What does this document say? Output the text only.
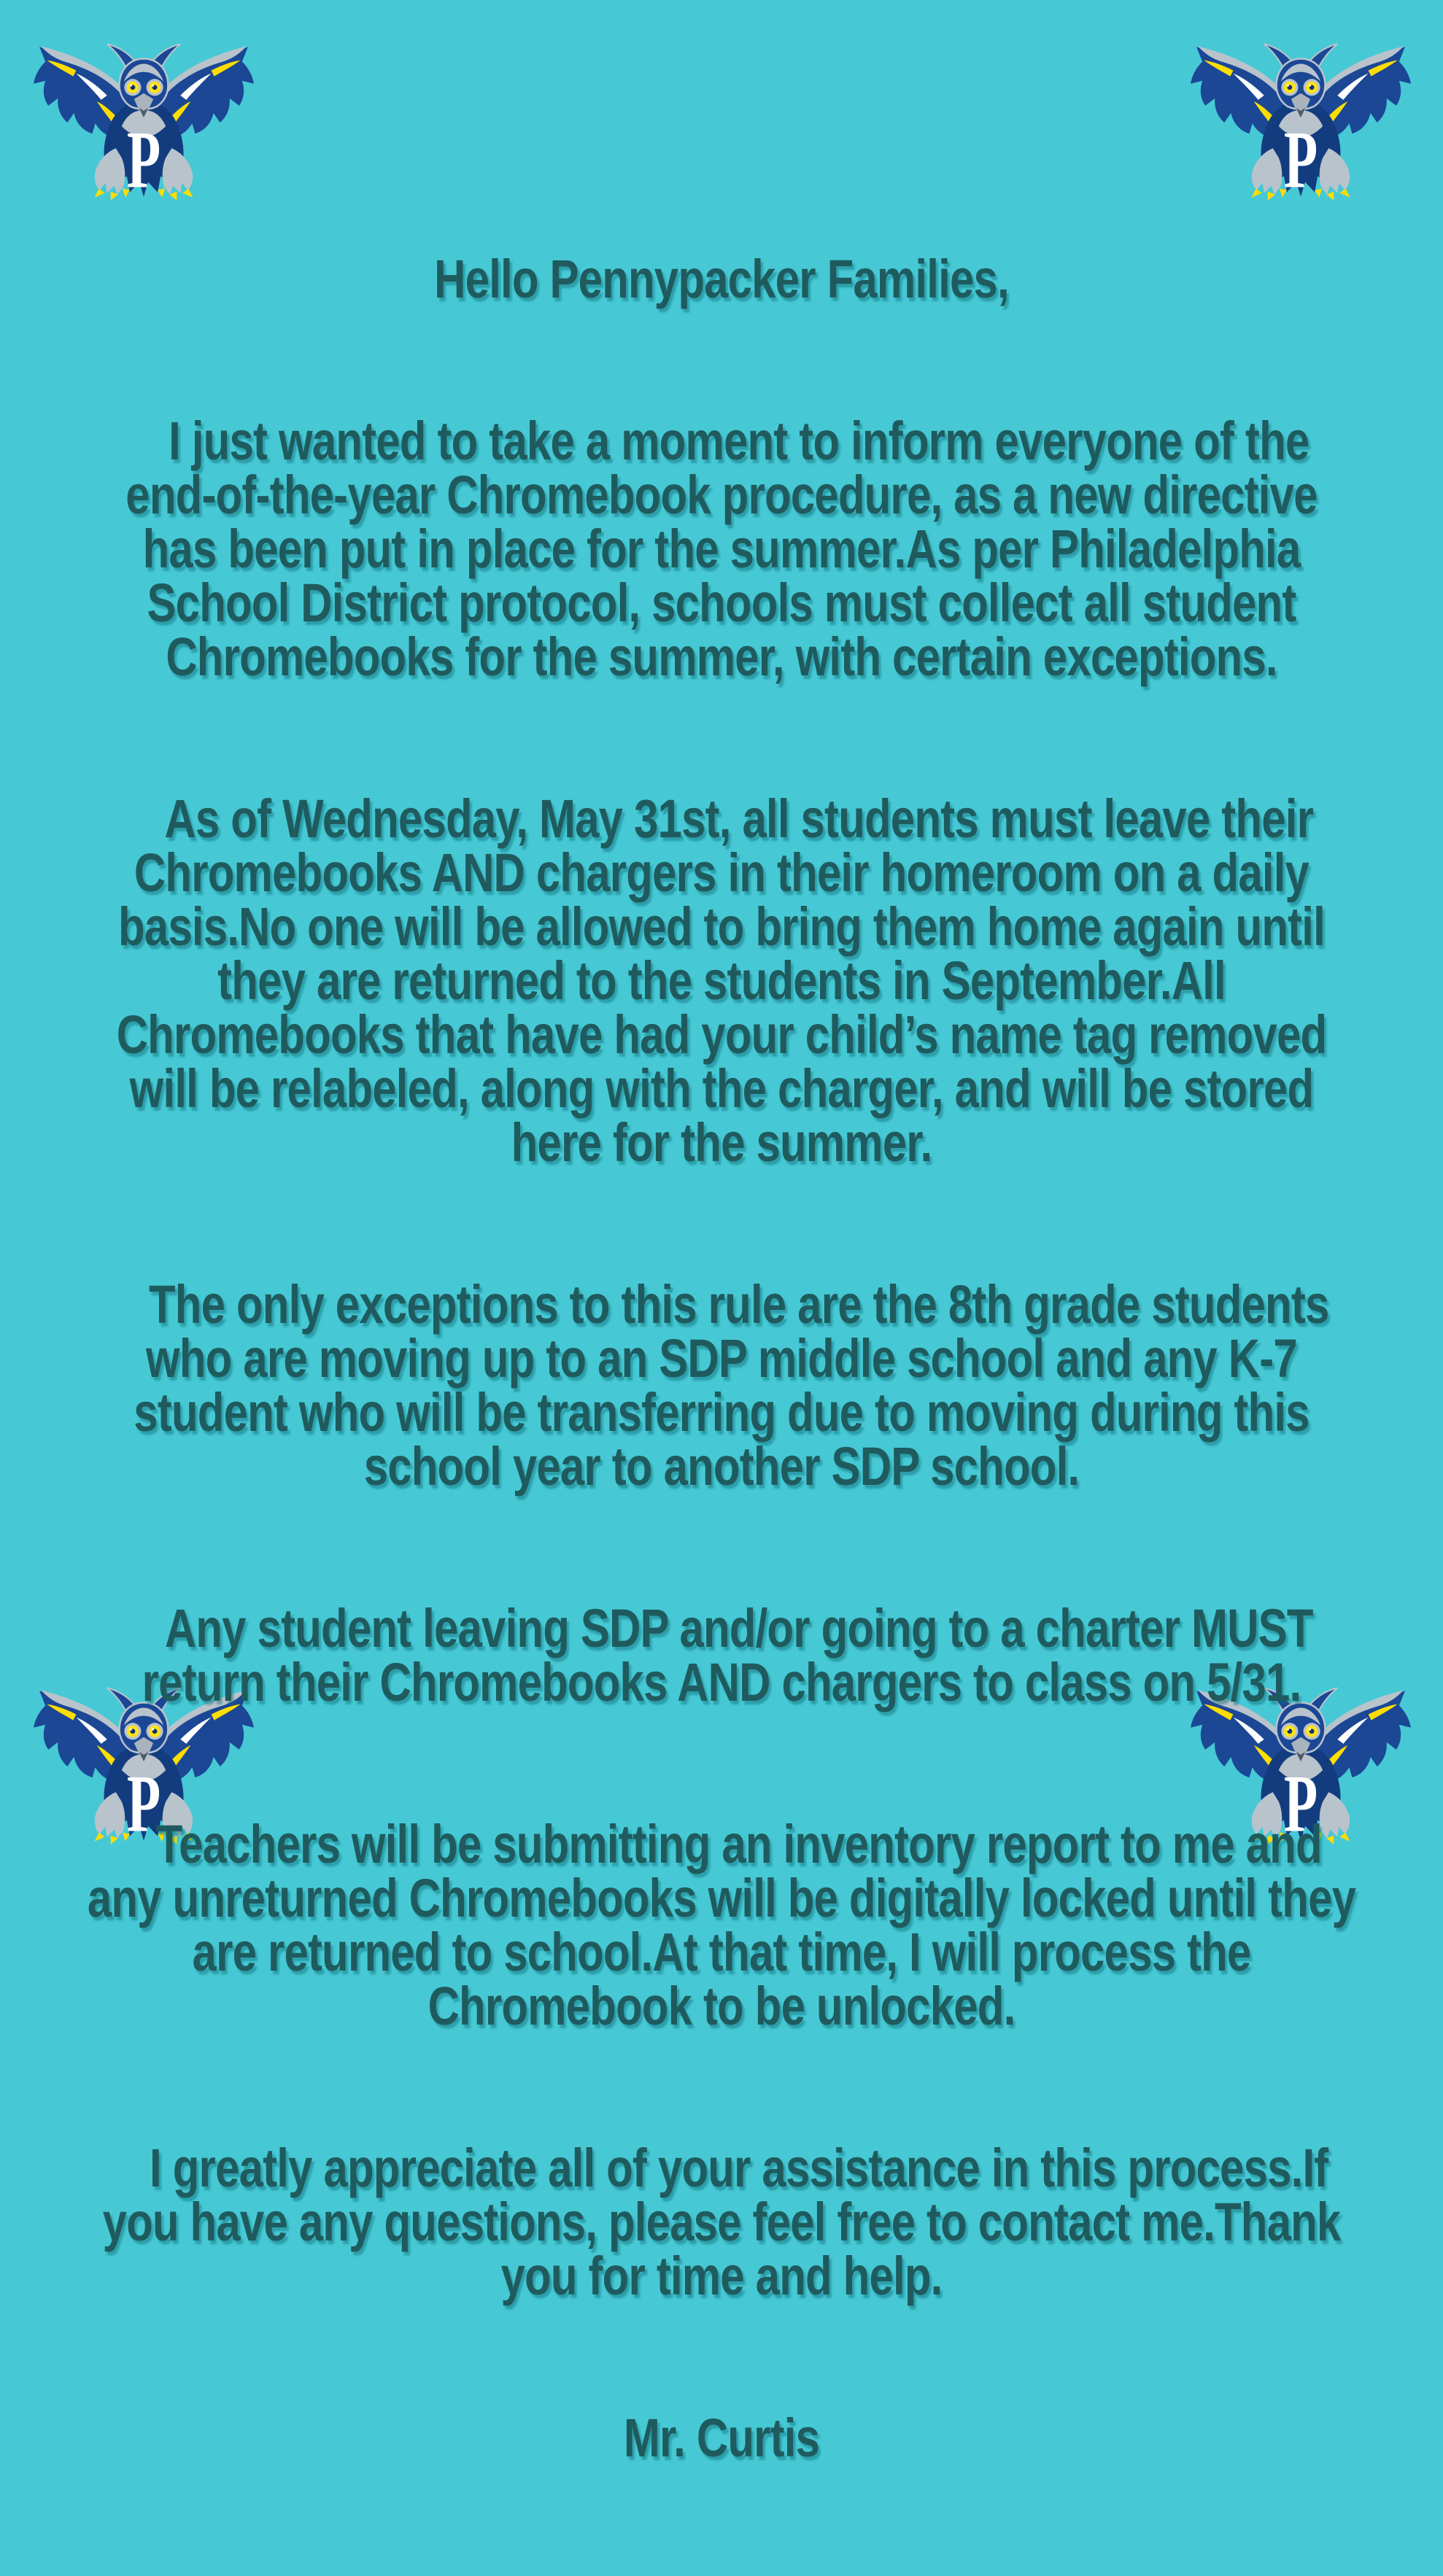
Hello Pennypacker Families,

I just wanted to take a moment to inform everyone of the end-of-the-year Chromebook procedure, as a new directive has been put in place for the summer.As per Philadelphia School District protocol, schools must collect all student Chromebooks for the summer, with certain exceptions.

As of Wednesday, May 31st, all students must leave their Chromebooks AND chargers in their homeroom on a daily basis.No one will be allowed to bring them home again until they are returned to the students in September.All Chromebooks that have had your child’s name tag removed will be relabeled, along with the charger, and will be stored here for the summer.

The only exceptions to this rule are the 8th grade students who are moving up to an SDP middle school and any K-7 student who will be transferring due to moving during this school year to another SDP school.

Any student leaving SDP and/or going to a charter MUST return their Chromebooks AND chargers to class on 5/31.

Teachers will be submitting an inventory report to me and any unreturned Chromebooks will be digitally locked until they are returned to school.At that time, I will process the Chromebook to be unlocked.

I greatly appreciate all of your assistance in this process.If you have any questions, please feel free to contact me.Thank you for time and help.

Mr. Curtis
